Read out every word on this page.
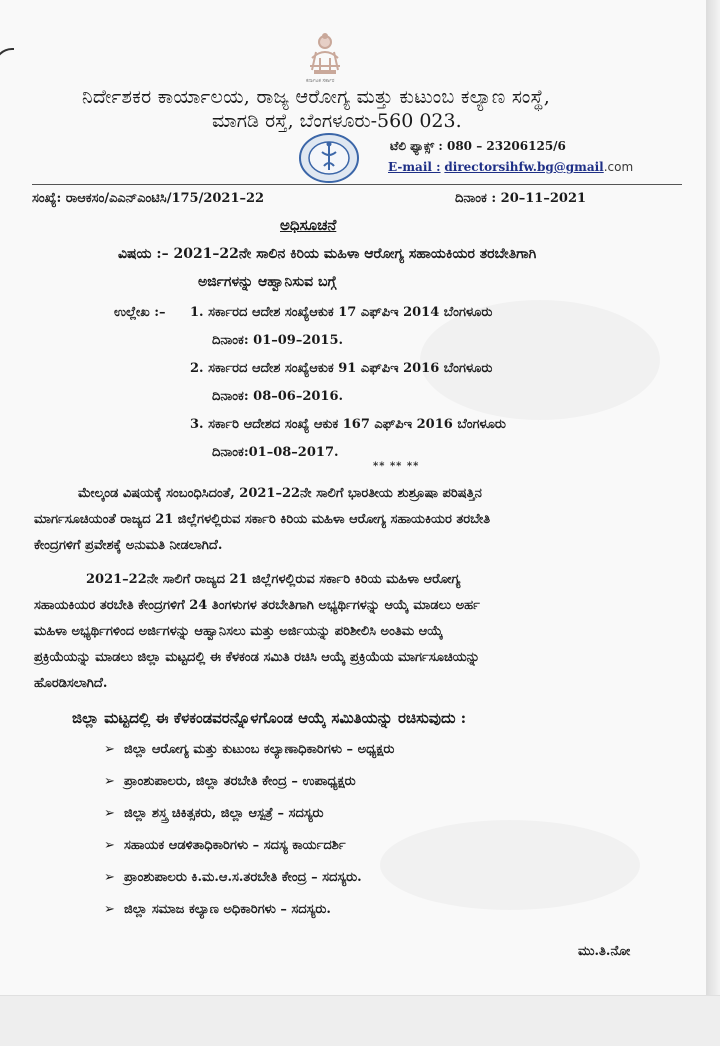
ಕರ್ನಾಟಕ ಸರ್ಕಾರ
ನಿರ್ದೇಶಕರ ಕಾರ್ಯಾಲಯ, ರಾಜ್ಯ ಆರೋಗ್ಯ ಮತ್ತು ಕುಟುಂಬ ಕಲ್ಯಾಣ ಸಂಸ್ಥೆ,
ಮಾಗಡಿ ರಸ್ತೆ, ಬೆಂಗಳೂರು-560 023.
ಟೆಲಿ ಫ್ಯಾಕ್ಸ್ : 080 – 23206125/6
E-mail : directorsihfw.bg@gmail.com
ಸಂಖ್ಯೆ: ರಾಆಕಸಂ/ಎಎನ್ಎಂಟಿಸಿ/175/2021–22	ದಿನಾಂಕ : 20–11–2021
ಅಧಿಸೂಚನೆ
ವಿಷಯ :– 2021–22ನೇ ಸಾಲಿನ ಕಿರಿಯ ಮಹಿಳಾ ಆರೋಗ್ಯ ಸಹಾಯಕಿಯರ ತರಬೇತಿಗಾಗಿ
ಅರ್ಜಿಗಳನ್ನು ಆಹ್ವಾನಿಸುವ ಬಗ್ಗೆ
ಉಲ್ಲೇಖ :– 1. ಸರ್ಕಾರದ ಆದೇಶ ಸಂಖ್ಯೆಆಕುಕ 17 ಎಫ್‌ಪಿಇ 2014 ಬೆಂಗಳೂರು
ದಿನಾಂಕ: 01–09–2015.
2. ಸರ್ಕಾರದ ಆದೇಶ ಸಂಖ್ಯೆಆಕುಕ 91 ಎಫ್‌ಪಿಇ 2016 ಬೆಂಗಳೂರು
ದಿನಾಂಕ: 08–06–2016.
3. ಸರ್ಕಾರಿ ಆದೇಶದ ಸಂಖ್ಯೆ ಆಕುಕ 167 ಎಫ್‌ಪಿಇ 2016 ಬೆಂಗಳೂರು
ದಿನಾಂಕ:01–08–2017.
** ** **
ಮೇಲ್ಕಂಡ ವಿಷಯಕ್ಕೆ ಸಂಬಂಧಿಸಿದಂತೆ, 2021–22ನೇ ಸಾಲಿಗೆ ಭಾರತೀಯ ಶುಶ್ರೂಷಾ ಪರಿಷತ್ತಿನ
ಮಾರ್ಗಸೂಚಿಯಂತೆ ರಾಜ್ಯದ 21 ಜಿಲ್ಲೆಗಳಲ್ಲಿರುವ ಸರ್ಕಾರಿ ಕಿರಿಯ ಮಹಿಳಾ ಆರೋಗ್ಯ ಸಹಾಯಕಿಯರ ತರಬೇತಿ
ಕೇಂದ್ರಗಳಿಗೆ ಪ್ರವೇಶಕ್ಕೆ ಅನುಮತಿ ನೀಡಲಾಗಿದೆ.
2021–22ನೇ ಸಾಲಿಗೆ ರಾಜ್ಯದ 21 ಜಿಲ್ಲೆಗಳಲ್ಲಿರುವ ಸರ್ಕಾರಿ ಕಿರಿಯ ಮಹಿಳಾ ಆರೋಗ್ಯ
ಸಹಾಯಕಿಯರ ತರಬೇತಿ ಕೇಂದ್ರಗಳಿಗೆ 24 ತಿಂಗಳುಗಳ ತರಬೇತಿಗಾಗಿ ಅಭ್ಯರ್ಥಿಗಳನ್ನು ಆಯ್ಕೆ ಮಾಡಲು ಅರ್ಹ
ಮಹಿಳಾ ಅಭ್ಯರ್ಥಿಗಳಿಂದ ಅರ್ಜಿಗಳನ್ನು ಆಹ್ವಾನಿಸಲು ಮತ್ತು ಅರ್ಜಿಯನ್ನು ಪರಿಶೀಲಿಸಿ ಅಂತಿಮ ಆಯ್ಕೆ
ಪ್ರಕ್ರಿಯೆಯನ್ನು ಮಾಡಲು ಜಿಲ್ಲಾ ಮಟ್ಟದಲ್ಲಿ ಈ ಕೆಳಕಂಡ ಸಮಿತಿ ರಚಿಸಿ ಆಯ್ಕೆ ಪ್ರಕ್ರಿಯೆಯ ಮಾರ್ಗಸೂಚಿಯನ್ನು
ಹೊರಡಿಸಲಾಗಿದೆ.
ಜಿಲ್ಲಾ ಮಟ್ಟದಲ್ಲಿ ಈ ಕೆಳಕಂಡವರನ್ನೊಳಗೊಂಡ ಆಯ್ಕೆ ಸಮಿತಿಯನ್ನು ರಚಿಸುವುದು :
➢ ಜಿಲ್ಲಾ ಆರೋಗ್ಯ ಮತ್ತು ಕುಟುಂಬ ಕಲ್ಯಾಣಾಧಿಕಾರಿಗಳು – ಅಧ್ಯಕ್ಷರು
➢ ಪ್ರಾಂಶುಪಾಲರು, ಜಿಲ್ಲಾ ತರಬೇತಿ ಕೇಂದ್ರ – ಉಪಾಧ್ಯಕ್ಷರು
➢ ಜಿಲ್ಲಾ ಶಸ್ತ್ರ ಚಿಕಿತ್ಸಕರು, ಜಿಲ್ಲಾ ಆಸ್ಪತ್ರೆ – ಸದಸ್ಯರು
➢ ಸಹಾಯಕ ಆಡಳಿತಾಧಿಕಾರಿಗಳು – ಸದಸ್ಯ ಕಾರ್ಯದರ್ಶಿ
➢ ಪ್ರಾಂಶುಪಾಲರು ಕಿ.ಮ.ಆ.ಸ.ತರಬೇತಿ ಕೇಂದ್ರ – ಸದಸ್ಯರು.
➢ ಜಿಲ್ಲಾ ಸಮಾಜ ಕಲ್ಯಾಣ ಅಧಿಕಾರಿಗಳು – ಸದಸ್ಯರು.
ಮು.ತಿ.ನೋ
